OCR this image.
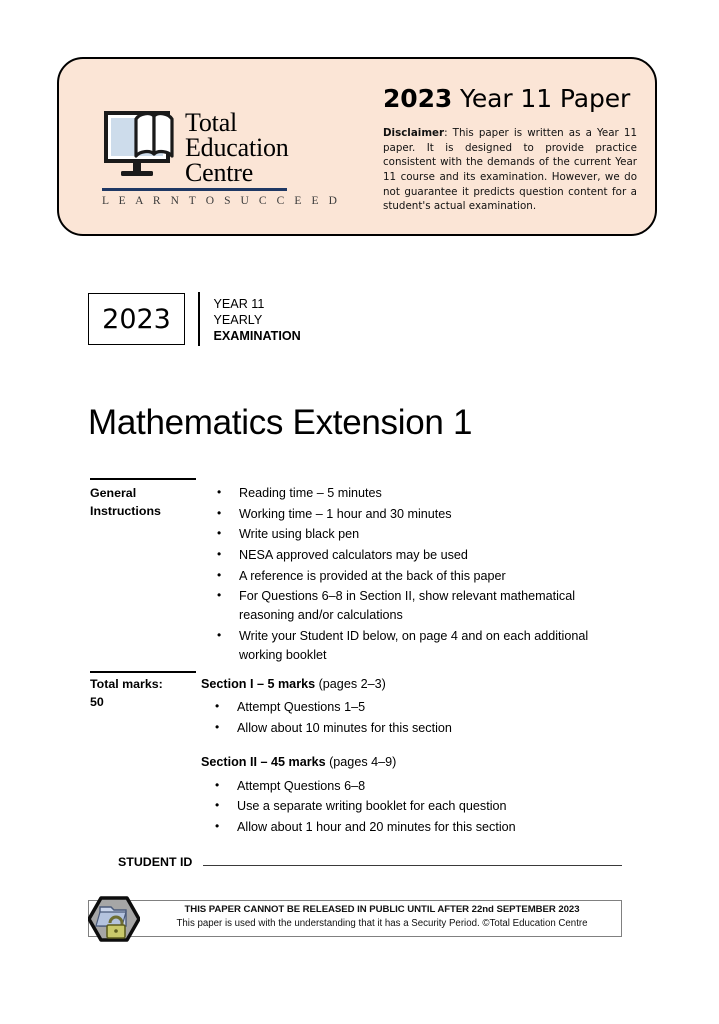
Total
Education
Centre
L E A R N T O S U C C E E D
2023 Year 11 Paper
Disclaimer: This paper is written as a Year 11 paper. It is designed to provide practice consistent with the demands of the current Year 11 course and its examination. However, we do not guarantee it predicts question content for a student's actual examination.
2023	YEAR 11
YEARLY
EXAMINATION
Mathematics Extension 1
General
Instructions
• Reading time – 5 minutes
• Working time – 1 hour and 30 minutes
• Write using black pen
• NESA approved calculators may be used
• A reference is provided at the back of this paper
• For Questions 6–8 in Section II, show relevant mathematical reasoning and/or calculations
• Write your Student ID below, on page 4 and on each additional working booklet
Total marks:
50
Section I – 5 marks (pages 2–3)
• Attempt Questions 1–5
• Allow about 10 minutes for this section
Section II – 45 marks (pages 4–9)
• Attempt Questions 6–8
• Use a separate writing booklet for each question
• Allow about 1 hour and 20 minutes for this section
STUDENT ID
THIS PAPER CANNOT BE RELEASED IN PUBLIC UNTIL AFTER 22nd SEPTEMBER 2023
This paper is used with the understanding that it has a Security Period. ©Total Education Centre
